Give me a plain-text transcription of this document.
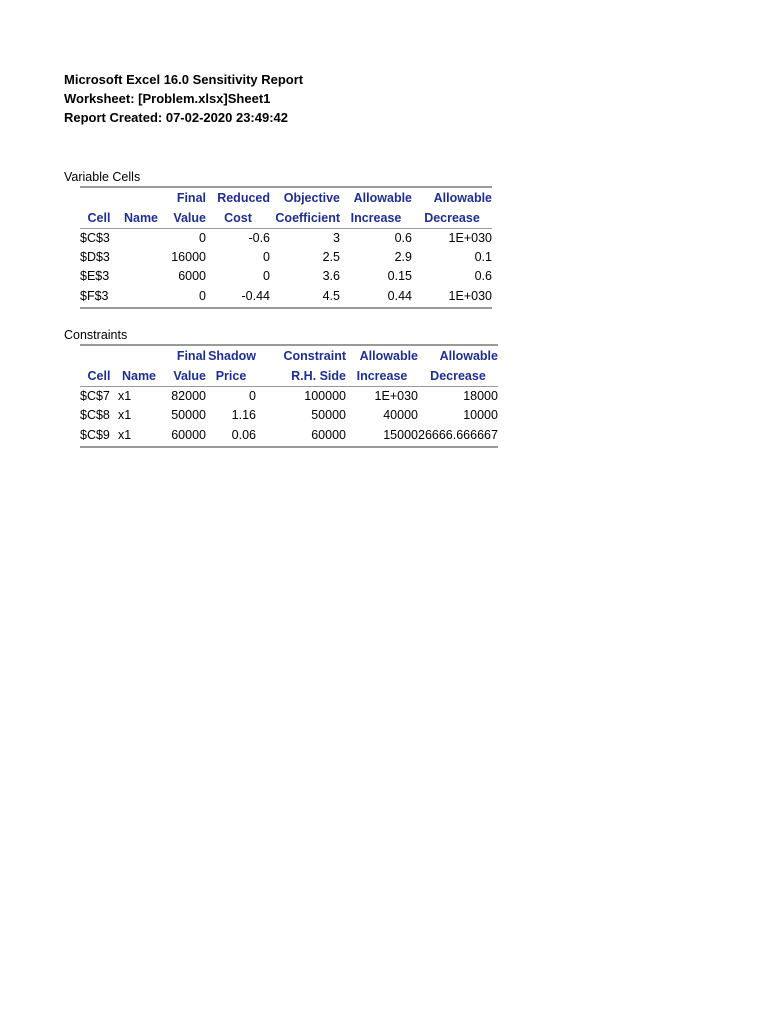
Microsoft Excel 16.0 Sensitivity Report
Worksheet: [Problem.xlsx]Sheet1
Report Created: 07-02-2020 23:49:42
Variable Cells
		Final	Reduced	Objective	Allowable	Allowable
Cell	Name	Value	Cost	Coefficient	Increase	Decrease
$C$3		0	-0.6	3	0.6	1E+030
$D$3		16000	0	2.5	2.9	0.1
$E$3		6000	0	3.6	0.15	0.6
$F$3		0	-0.44	4.5	0.44	1E+030
Constraints
		Final	Shadow	Constraint	Allowable	Allowable
Cell	Name	Value	Price	R.H. Side	Increase	Decrease
$C$7	x1	82000	0	100000	1E+030	18000
$C$8	x1	50000	1.16	50000	40000	10000
$C$9	x1	60000	0.06	60000	15000	26666.666667
